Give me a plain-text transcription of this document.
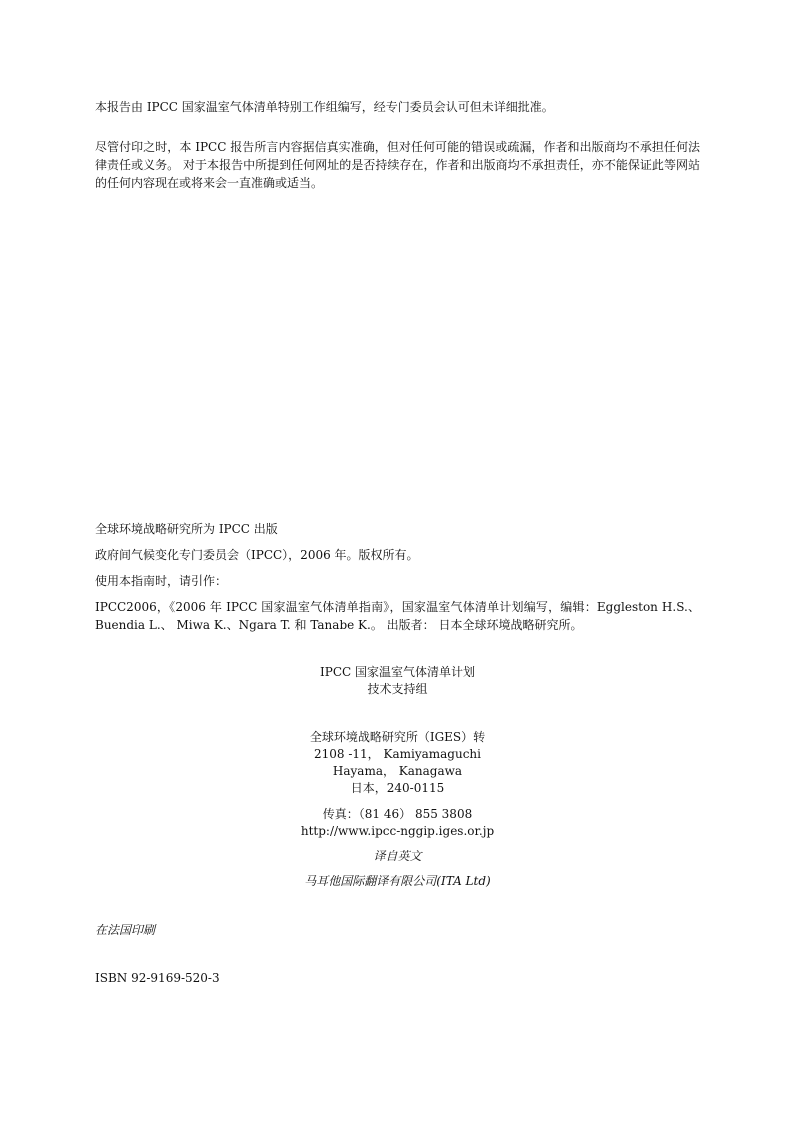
本报告由 IPCC 国家温室气体清单特别工作组编写，经专门委员会认可但未详细批准。

尽管付印之时，本 IPCC 报告所言内容据信真实准确，但对任何可能的错误或疏漏，作者和出版商均不承担任何法律责任或义务。 对于本报告中所提到任何网址的是否持续存在，作者和出版商均不承担责任，亦不能保证此等网站的任何内容现在或将来会一直准确或适当。

全球环境战略研究所为 IPCC 出版

政府间气候变化专门委员会（IPCC），2006 年。版权所有。

使用本指南时，请引作：

IPCC2006，《2006 年 IPCC 国家温室气体清单指南》，国家温室气体清单计划编写，编辑：Eggleston H.S.、Buendia L.、 Miwa K.、Ngara T. 和 Tanabe K.。 出版者： 日本全球环境战略研究所。

IPCC 国家温室气体清单计划

技术支持组

全球环境战略研究所（IGES）转

2108 -11， Kamiyamaguchi

Hayama， Kanagawa

日本，240-0115

传真：（81 46） 855 3808

http://www.ipcc-nggip.iges.or.jp

译自英文

马耳他国际翻译有限公司(ITA Ltd)

在法国印刷

ISBN 92-9169-520-3
